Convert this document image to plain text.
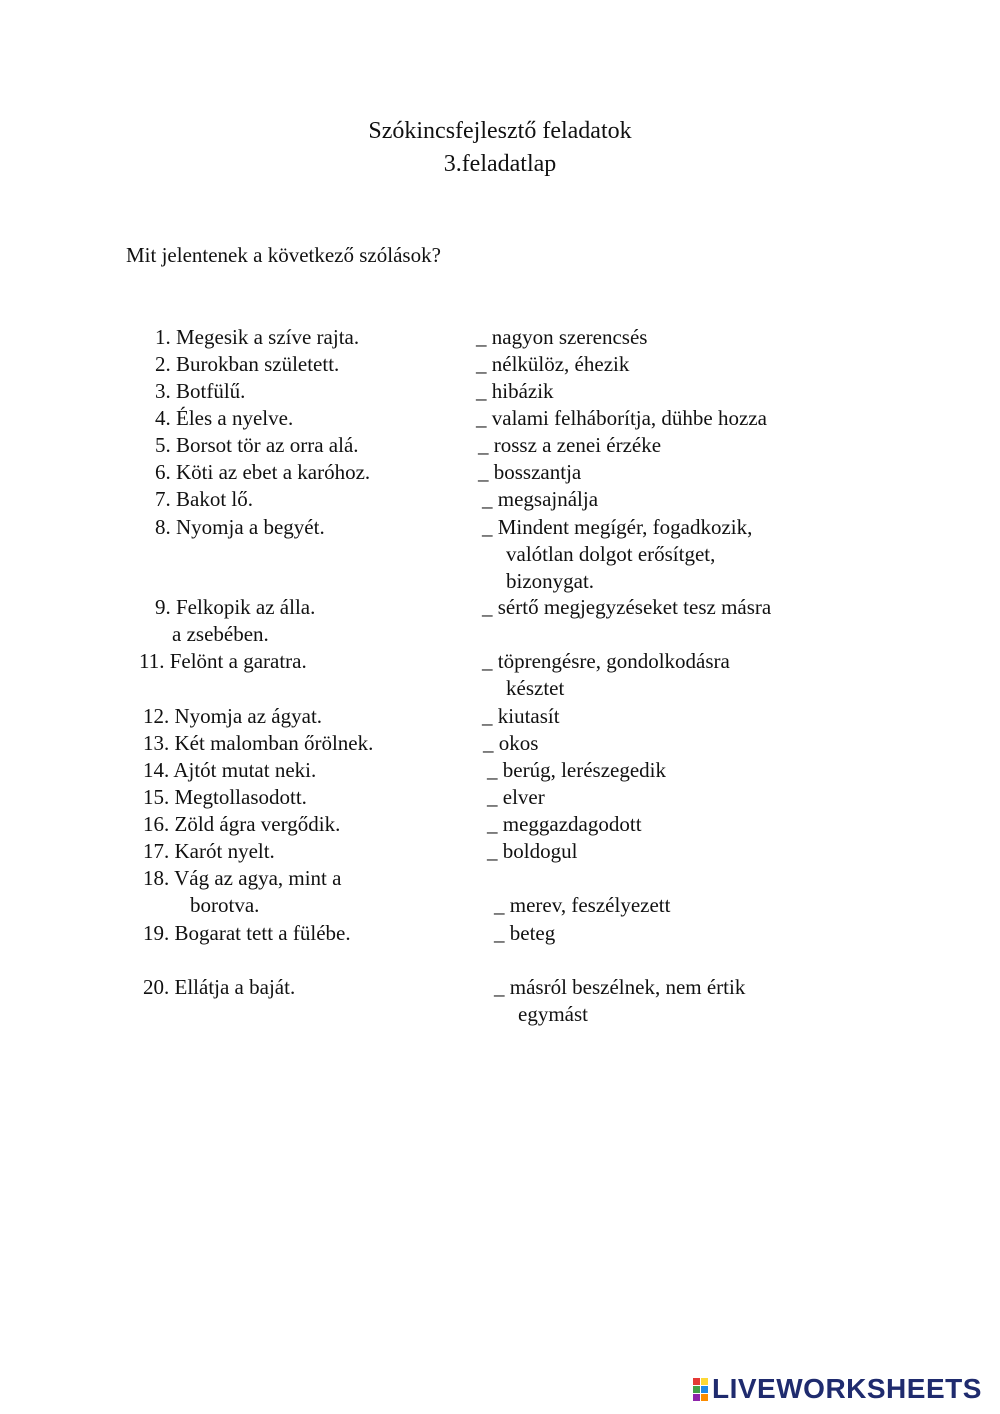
Szókincsfejlesztő feladatok
3.feladatlap
Mit jelentenek a következő szólások?
1. Megesik a szíve rajta.
2. Burokban született.
3. Botfülű.
4. Éles a nyelve.
5. Borsot tör az orra alá.
6. Köti az ebet a karóhoz.
7. Bakot lő.
8. Nyomja a begyét.
9. Felkopik az álla.
a zsebében.
11. Felönt a garatra.
12. Nyomja az ágyat.
13. Két malomban őrölnek.
14. Ajtót mutat neki.
15. Megtollasodott.
16. Zöld ágra vergődik.
17. Karót nyelt.
18. Vág az agya, mint a
borotva.
19. Bogarat tett a fülébe.
20. Ellátja a baját.
_ nagyon szerencsés
_ nélkülöz, éhezik
_ hibázik
_ valami felháborítja, dühbe hozza
_ rossz a zenei érzéke
_ bosszantja
_ megsajnálja
_ Mindent megígér, fogadkozik,
valótlan dolgot erősítget,
bizonygat.
_ sértő megjegyzéseket tesz másra
_ töprengésre, gondolkodásra
késztet
_ kiutasít
_ okos
_ berúg, lerészegedik
_ elver
_ meggazdagodott
_ boldogul
_ merev, feszélyezett
_ beteg
_ másról beszélnek, nem értik
egymást
LIVEWORKSHEETS
